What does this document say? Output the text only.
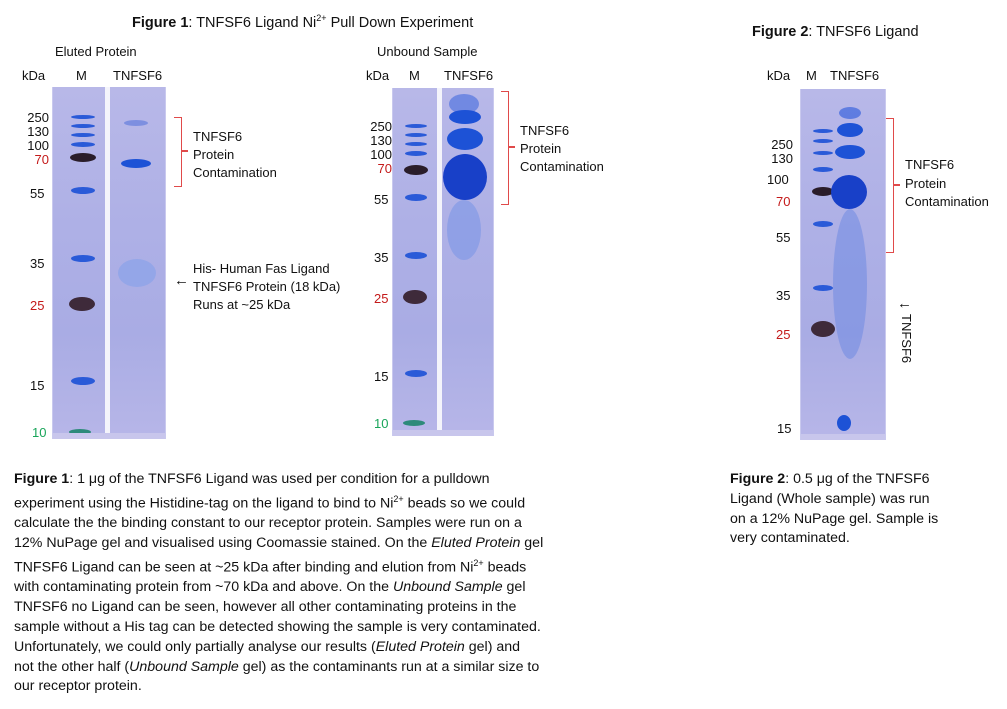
Figure 1: TNFSF6 Ligand $Ni^{2+}$ Pull Down Experiment
Eluted Protein
kDa M TNFSF6
250
130
100
70
55
35
25
15
10
TNFSF6
Protein
Contamination
←
His- Human Fas Ligand
TNFSF6 Protein (18 kDa)
Runs at ~25 kDa
Unbound Sample
kDa M TNFSF6
250
130
100
70
55
35
25
15
10
TNFSF6
Protein
Contamination
Figure 2: TNFSF6 Ligand
kDa M TNFSF6
250
130
100
70
55
35
25
15
TNFSF6
Protein
Contamination
←
TNFSF6
Figure 1: 1 μg of the TNFSF6 Ligand was used per condition for a pulldown
experiment using the Histidine-tag on the ligand to bind to $Ni^{2+}$ beads so we could
calculate the the binding constant to our receptor protein. Samples were run on a
12% NuPage gel and visualised using Coomassie stained. On the Eluted Protein gel
TNFSF6 Ligand can be seen at ~25 kDa after binding and elution from $Ni^{2+}$ beads
with contaminating protein from ~70 kDa and above. On the Unbound Sample gel
TNFSF6 no Ligand can be seen, however all other contaminating proteins in the
sample without a His tag can be detected showing the sample is very contaminated.
Unfortunately, we could only partially analyse our results (Eluted Protein gel) and
not the other half (Unbound Sample gel) as the contaminants run at a similar size to
our receptor protein.
Figure 2: 0.5 μg of the TNFSF6
Ligand (Whole sample) was run
on a 12% NuPage gel. Sample is
very contaminated.
